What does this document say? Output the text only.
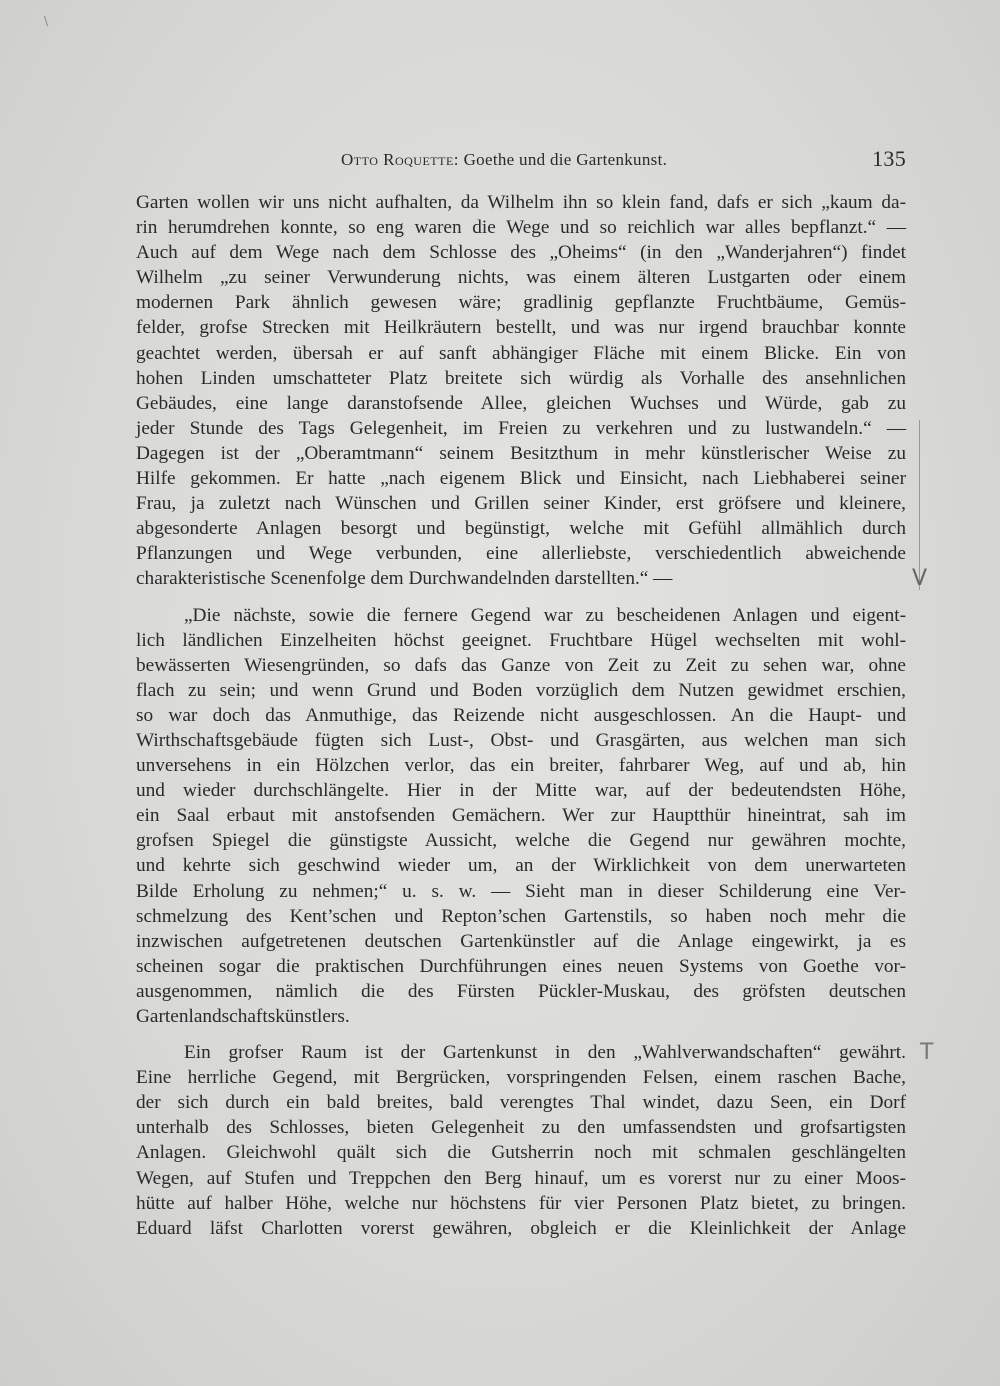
\
Otto Roquette: Goethe und die Gartenkunst.	135

Garten wollen wir uns nicht aufhalten, da Wilhelm ihn so klein fand, dafs er sich „kaum da-

rin herumdrehen konnte, so eng waren die Wege und so reichlich war alles bepflanzt.“ —

Auch auf dem Wege nach dem Schlosse des „Oheims“ (in den „Wanderjahren“) findet

Wilhelm „zu seiner Verwunderung nichts, was einem älteren Lustgarten oder einem

modernen Park ähnlich gewesen wäre; gradlinig gepflanzte Fruchtbäume, Gemüs-

felder, grofse Strecken mit Heilkräutern bestellt, und was nur irgend brauchbar konnte

geachtet werden, übersah er auf sanft abhängiger Fläche mit einem Blicke. Ein von

hohen Linden umschatteter Platz breitete sich würdig als Vorhalle des ansehnlichen

Gebäudes, eine lange daranstofsende Allee, gleichen Wuchses und Würde, gab zu

jeder Stunde des Tags Gelegenheit, im Freien zu verkehren und zu lustwandeln.“ —

Dagegen ist der „Oberamtmann“ seinem Besitzthum in mehr künstlerischer Weise zu

Hilfe gekommen. Er hatte „nach eigenem Blick und Einsicht, nach Liebhaberei seiner

Frau, ja zuletzt nach Wünschen und Grillen seiner Kinder, erst gröfsere und kleinere,

abgesonderte Anlagen besorgt und begünstigt, welche mit Gefühl allmählich durch

Pflanzungen und Wege verbunden, eine allerliebste, verschiedentlich abweichende

charakteristische Scenenfolge dem Durchwandelnden darstellten.“ —

„Die nächste, sowie die fernere Gegend war zu bescheidenen Anlagen und eigent-

lich ländlichen Einzelheiten höchst geeignet. Fruchtbare Hügel wechselten mit wohl-

bewässerten Wiesengründen, so dafs das Ganze von Zeit zu Zeit zu sehen war, ohne

flach zu sein; und wenn Grund und Boden vorzüglich dem Nutzen gewidmet erschien,

so war doch das Anmuthige, das Reizende nicht ausgeschlossen. An die Haupt- und

Wirthschaftsgebäude fügten sich Lust-, Obst- und Grasgärten, aus welchen man sich

unversehens in ein Hölzchen verlor, das ein breiter, fahrbarer Weg, auf und ab, hin

und wieder durchschlängelte. Hier in der Mitte war, auf der bedeutendsten Höhe,

ein Saal erbaut mit anstofsenden Gemächern. Wer zur Hauptthür hineintrat, sah im

grofsen Spiegel die günstigste Aussicht, welche die Gegend nur gewähren mochte,

und kehrte sich geschwind wieder um, an der Wirklichkeit von dem unerwarteten

Bilde Erholung zu nehmen;“ u. s. w. — Sieht man in dieser Schilderung eine Ver-

schmelzung des Kent’schen und Repton’schen Gartenstils, so haben noch mehr die

inzwischen aufgetretenen deutschen Gartenkünstler auf die Anlage eingewirkt, ja es

scheinen sogar die praktischen Durchführungen eines neuen Systems von Goethe vor-

ausgenommen, nämlich die des Fürsten Pückler-Muskau, des gröfsten deutschen

Gartenlandschaftskünstlers.

Ein grofser Raum ist der Gartenkunst in den „Wahlverwandschaften“ gewährt.

Eine herrliche Gegend, mit Bergrücken, vorspringenden Felsen, einem raschen Bache,

der sich durch ein bald breites, bald verengtes Thal windet, dazu Seen, ein Dorf

unterhalb des Schlosses, bieten Gelegenheit zu den umfassendsten und grofsartigsten

Anlagen. Gleichwohl quält sich die Gutsherrin noch mit schmalen geschlängelten

Wegen, auf Stufen und Treppchen den Berg hinauf, um es vorerst nur zu einer Moos-

hütte auf halber Höhe, welche nur höchstens für vier Personen Platz bietet, zu bringen.

Eduard läfst Charlotten vorerst gewähren, obgleich er die Kleinlichkeit der Anlage

V
T
